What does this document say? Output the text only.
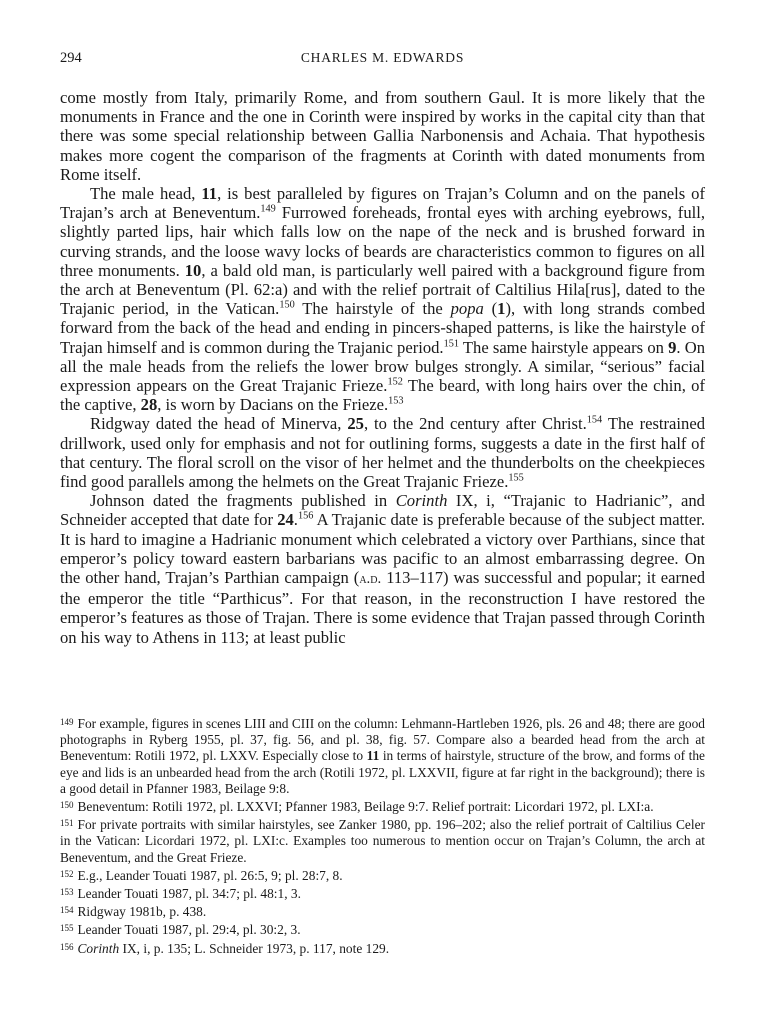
294	CHARLES M. EDWARDS

come mostly from Italy, primarily Rome, and from southern Gaul. It is more likely that the monuments in France and the one in Corinth were inspired by works in the capital city than that there was some special relationship between Gallia Narbonensis and Achaia. That hypothesis makes more cogent the comparison of the fragments at Corinth with dated monuments from Rome itself.

The male head, 11, is best paralleled by figures on Trajan’s Column and on the panels of Trajan’s arch at Beneventum.$^{149}$ Furrowed foreheads, frontal eyes with arching eyebrows, full, slightly parted lips, hair which falls low on the nape of the neck and is brushed forward in curving strands, and the loose wavy locks of beards are characteristics common to figures on all three monuments. 10, a bald old man, is particularly well paired with a background figure from the arch at Beneventum (Pl. 62:a) and with the relief portrait of Caltilius Hila[rus], dated to the Trajanic period, in the Vatican.$^{150}$ The hairstyle of the popa (1), with long strands combed forward from the back of the head and ending in pincers-shaped patterns, is like the hairstyle of Trajan himself and is common during the Trajanic period.$^{151}$ The same hairstyle appears on 9. On all the male heads from the reliefs the lower brow bulges strongly. A similar, “serious” facial expression appears on the Great Trajanic Frieze.$^{152}$ The beard, with long hairs over the chin, of the captive, 28, is worn by Dacians on the Frieze.$^{153}$

Ridgway dated the head of Minerva, 25, to the 2nd century after Christ.$^{154}$ The restrained drillwork, used only for emphasis and not for outlining forms, suggests a date in the first half of that century. The floral scroll on the visor of her helmet and the thunderbolts on the cheekpieces find good parallels among the helmets on the Great Trajanic Frieze.$^{155}$

Johnson dated the fragments published in Corinth IX, i, “Trajanic to Hadrianic”, and Schneider accepted that date for 24.$^{156}$ A Trajanic date is preferable because of the subject matter. It is hard to imagine a Hadrianic monument which celebrated a victory over Parthians, since that emperor’s policy toward eastern barbarians was pacific to an almost embarrassing degree. On the other hand, Trajan’s Parthian campaign (a.d. 113–117) was successful and popular; it earned the emperor the title “Parthicus”. For that reason, in the reconstruction I have restored the emperor’s features as those of Trajan. There is some evidence that Trajan passed through Corinth on his way to Athens in 113; at least public

$^{149}$ For example, figures in scenes LIII and CIII on the column: Lehmann-Hartleben 1926, pls. 26 and 48; there are good photographs in Ryberg 1955, pl. 37, fig. 56, and pl. 38, fig. 57. Compare also a bearded head from the arch at Beneventum: Rotili 1972, pl. LXXV. Especially close to 11 in terms of hairstyle, structure of the brow, and forms of the eye and lids is an unbearded head from the arch (Rotili 1972, pl. LXXVII, figure at far right in the background); there is a good detail in Pfanner 1983, Beilage 9:8.

$^{150}$ Beneventum: Rotili 1972, pl. LXXVI; Pfanner 1983, Beilage 9:7. Relief portrait: Licordari 1972, pl. LXI:a.

$^{151}$ For private portraits with similar hairstyles, see Zanker 1980, pp. 196–202; also the relief portrait of Caltilius Celer in the Vatican: Licordari 1972, pl. LXI:c. Examples too numerous to mention occur on Trajan’s Column, the arch at Beneventum, and the Great Frieze.

$^{152}$ E.g., Leander Touati 1987, pl. 26:5, 9; pl. 28:7, 8.

$^{153}$ Leander Touati 1987, pl. 34:7; pl. 48:1, 3.

$^{154}$ Ridgway 1981b, p. 438.

$^{155}$ Leander Touati 1987, pl. 29:4, pl. 30:2, 3.

$^{156}$ Corinth IX, i, p. 135; L. Schneider 1973, p. 117, note 129.
